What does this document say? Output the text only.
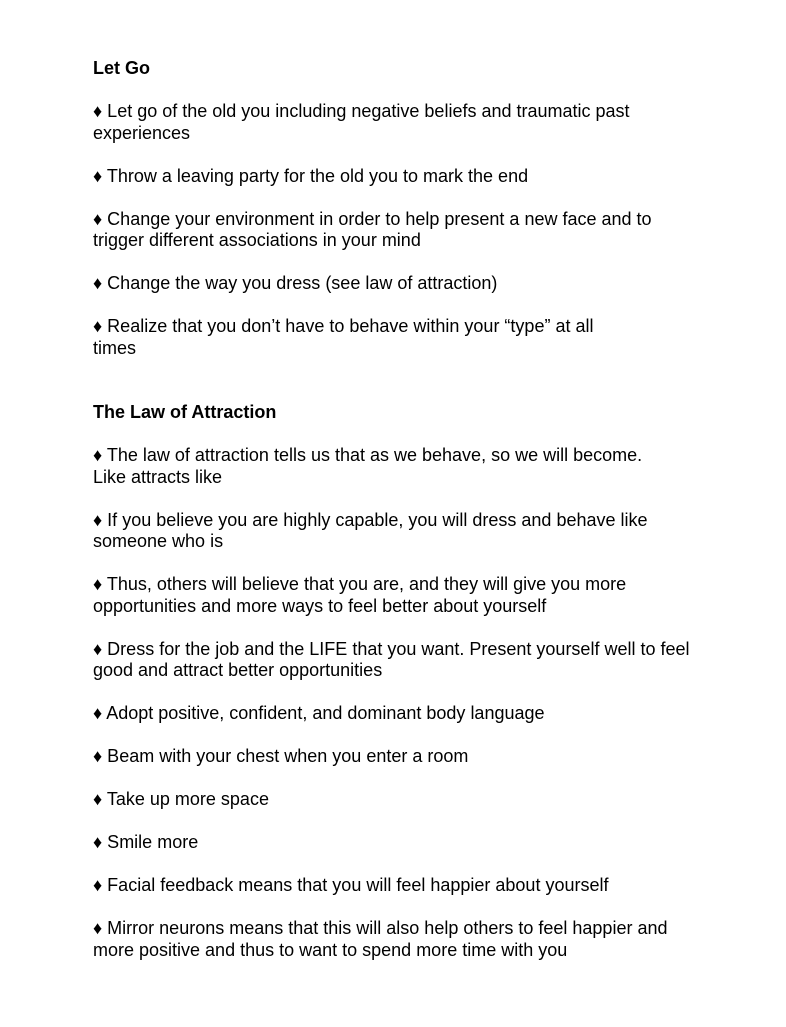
Let Go

♦ Let go of the old you including negative beliefs and traumatic past experiences

♦ Throw a leaving party for the old you to mark the end

♦ Change your environment in order to help present a new face and to trigger different associations in your mind

♦ Change the way you dress (see law of attraction)

♦ Realize that you don’t have to behave within your “type” at all times

The Law of Attraction

♦ The law of attraction tells us that as we behave, so we will become. Like attracts like

♦ If you believe you are highly capable, you will dress and behave like someone who is

♦ Thus, others will believe that you are, and they will give you more opportunities and more ways to feel better about yourself

♦ Dress for the job and the LIFE that you want. Present yourself well to feel good and attract better opportunities

♦ Adopt positive, confident, and dominant body language

♦ Beam with your chest when you enter a room

♦ Take up more space

♦ Smile more

♦ Facial feedback means that you will feel happier about yourself

♦ Mirror neurons means that this will also help others to feel happier and more positive and thus to want to spend more time with you
